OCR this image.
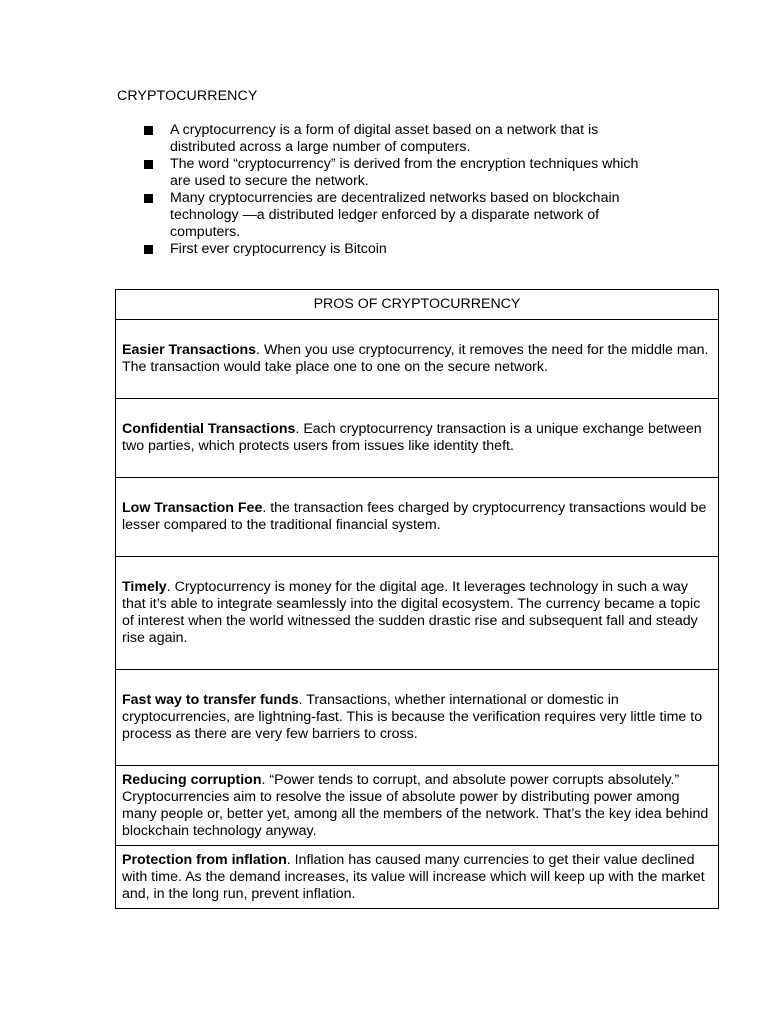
CRYPTOCURRENCY
A cryptocurrency is a form of digital asset based on a network that is distributed across a large number of computers.
The word “cryptocurrency” is derived from the encryption techniques which are used to secure the network.
Many cryptocurrencies are decentralized networks based on blockchain technology —a distributed ledger enforced by a disparate network of computers.
First ever cryptocurrency is Bitcoin
PROS OF CRYPTOCURRENCY
Easier Transactions. When you use cryptocurrency, it removes the need for the middle man. The transaction would take place one to one on the secure network.
Confidential Transactions. Each cryptocurrency transaction is a unique exchange between two parties, which protects users from issues like identity theft.
Low Transaction Fee. the transaction fees charged by cryptocurrency transactions would be lesser compared to the traditional financial system.
Timely. Cryptocurrency is money for the digital age. It leverages technology in such a way that it’s able to integrate seamlessly into the digital ecosystem. The currency became a topic of interest when the world witnessed the sudden drastic rise and subsequent fall and steady rise again.
Fast way to transfer funds. Transactions, whether international or domestic in cryptocurrencies, are lightning-fast. This is because the verification requires very little time to process as there are very few barriers to cross.
Reducing corruption. “Power tends to corrupt, and absolute power corrupts absolutely.” Cryptocurrencies aim to resolve the issue of absolute power by distributing power among many people or, better yet, among all the members of the network. That’s the key idea behind blockchain technology anyway.
Protection from inflation. Inflation has caused many currencies to get their value declined with time. As the demand increases, its value will increase which will keep up with the market and, in the long run, prevent inflation.
